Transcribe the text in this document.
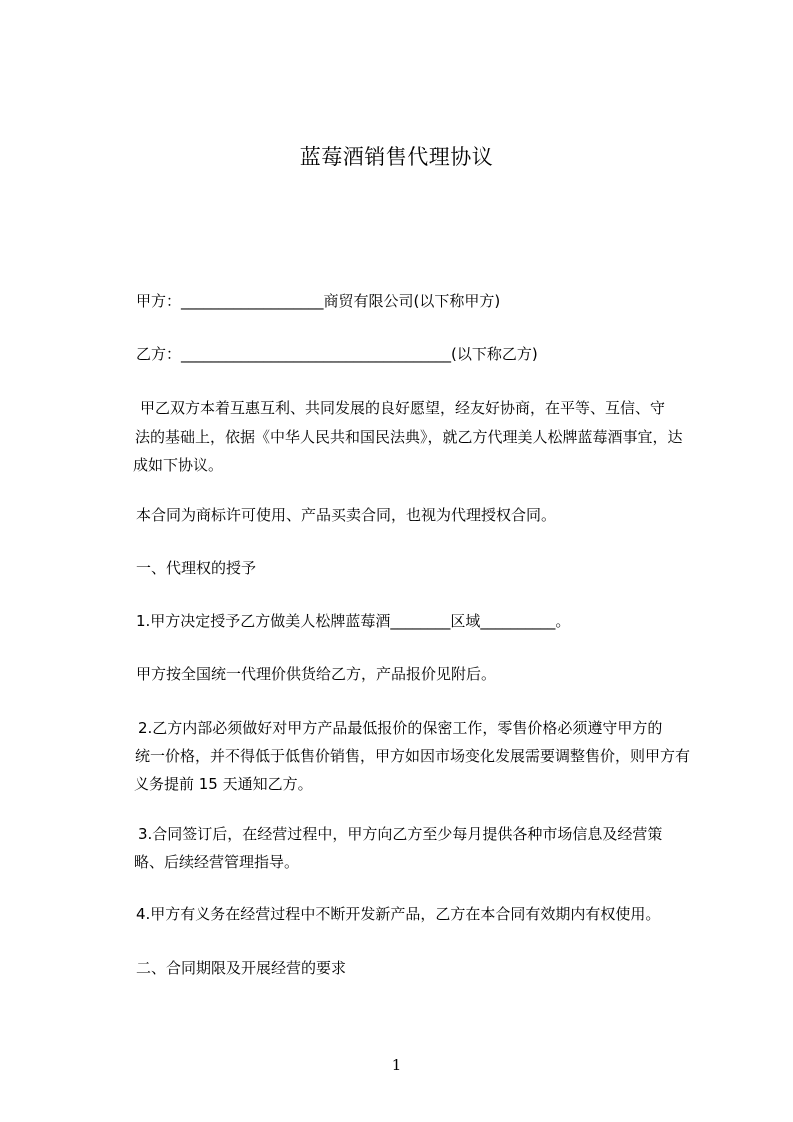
蓝莓酒销售代理协议
甲方：___________________商贸有限公司(以下称甲方)
乙方：____________________________________(以下称乙方)
甲乙双方本着互惠互利、共同发展的良好愿望，经友好协商，在平等、互信、守
法的基础上，依据《中华人民共和国民法典》，就乙方代理美人松牌蓝莓酒事宜，达
成如下协议。
本合同为商标许可使用、产品买卖合同，也视为代理授权合同。
一、代理权的授予
1.甲方决定授予乙方做美人松牌蓝莓酒________区域__________。
甲方按全国统一代理价供货给乙方，产品报价见附后。
2.乙方内部必须做好对甲方产品最低报价的保密工作，零售价格必须遵守甲方的
统一价格，并不得低于低售价销售，甲方如因市场变化发展需要调整售价，则甲方有
义务提前 15 天通知乙方。
3.合同签订后，在经营过程中，甲方向乙方至少每月提供各种市场信息及经营策
略、后续经营管理指导。
4.甲方有义务在经营过程中不断开发新产品，乙方在本合同有效期内有权使用。
二、合同期限及开展经营的要求
1
